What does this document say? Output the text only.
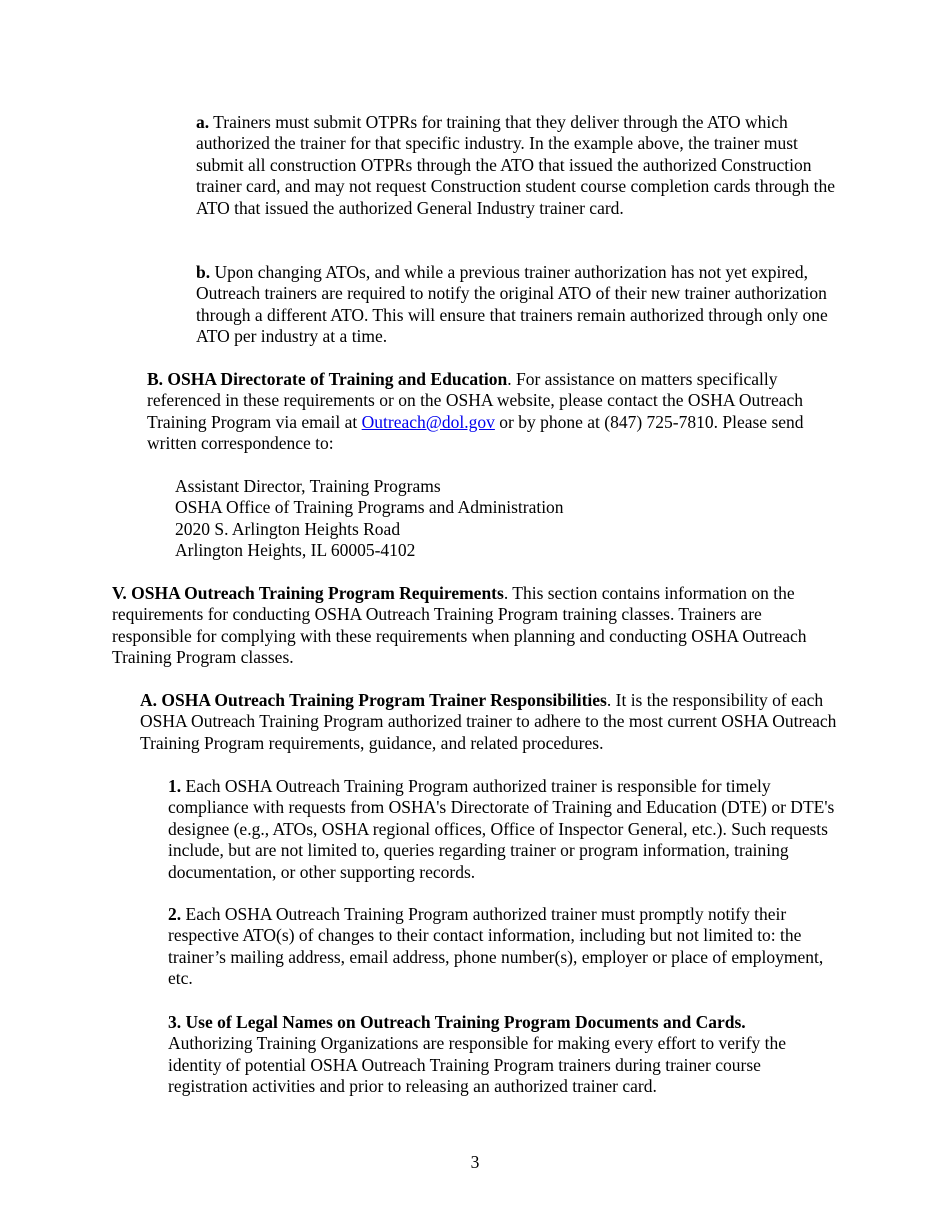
a. Trainers must submit OTPRs for training that they deliver through the ATO which authorized the trainer for that specific industry. In the example above, the trainer must submit all construction OTPRs through the ATO that issued the authorized Construction trainer card, and may not request Construction student course completion cards through the ATO that issued the authorized General Industry trainer card.

b. Upon changing ATOs, and while a previous trainer authorization has not yet expired, Outreach trainers are required to notify the original ATO of their new trainer authorization through a different ATO. This will ensure that trainers remain authorized through only one ATO per industry at a time.

B. OSHA Directorate of Training and Education. For assistance on matters specifically referenced in these requirements or on the OSHA website, please contact the OSHA Outreach Training Program via email at Outreach@dol.gov or by phone at (847) 725-7810. Please send written correspondence to:

Assistant Director, Training Programs
OSHA Office of Training Programs and Administration
2020 S. Arlington Heights Road
Arlington Heights, IL 60005-4102

V. OSHA Outreach Training Program Requirements. This section contains information on the requirements for conducting OSHA Outreach Training Program training classes. Trainers are responsible for complying with these requirements when planning and conducting OSHA Outreach Training Program classes.

A. OSHA Outreach Training Program Trainer Responsibilities. It is the responsibility of each OSHA Outreach Training Program authorized trainer to adhere to the most current OSHA Outreach Training Program requirements, guidance, and related procedures.

1. Each OSHA Outreach Training Program authorized trainer is responsible for timely compliance with requests from OSHA's Directorate of Training and Education (DTE) or DTE's designee (e.g., ATOs, OSHA regional offices, Office of Inspector General, etc.). Such requests include, but are not limited to, queries regarding trainer or program information, training documentation, or other supporting records.

2. Each OSHA Outreach Training Program authorized trainer must promptly notify their respective ATO(s) of changes to their contact information, including but not limited to: the trainer’s mailing address, email address, phone number(s), employer or place of employment, etc.

3. Use of Legal Names on Outreach Training Program Documents and Cards.
Authorizing Training Organizations are responsible for making every effort to verify the identity of potential OSHA Outreach Training Program trainers during trainer course registration activities and prior to releasing an authorized trainer card.

3
